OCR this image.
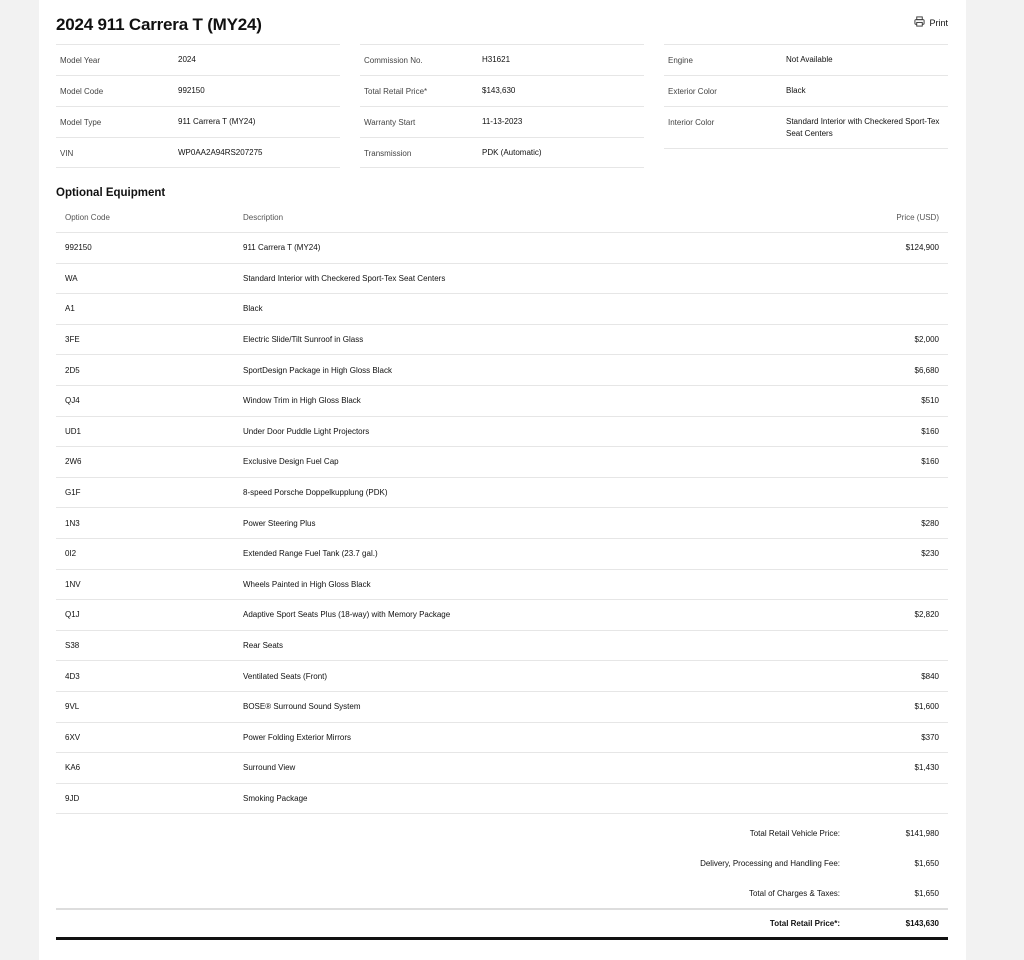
2024 911 Carrera T (MY24)	Print
Model Year	2024
Model Code	992150
Model Type	911 Carrera T (MY24)
VIN	WP0AA2A94RS207275
Commission No.	H31621
Total Retail Price*	$143,630
Warranty Start	11-13-2023
Transmission	PDK (Automatic)
Engine	Not Available
Exterior Color	Black
Interior Color	Standard Interior with Checkered Sport-Tex Seat Centers
Optional Equipment
Option Code	Description	Price (USD)
992150	911 Carrera T (MY24)	$124,900
WA	Standard Interior with Checkered Sport-Tex Seat Centers
A1	Black
3FE	Electric Slide/Tilt Sunroof in Glass	$2,000
2D5	SportDesign Package in High Gloss Black	$6,680
QJ4	Window Trim in High Gloss Black	$510
UD1	Under Door Puddle Light Projectors	$160
2W6	Exclusive Design Fuel Cap	$160
G1F	8-speed Porsche Doppelkupplung (PDK)
1N3	Power Steering Plus	$280
0I2	Extended Range Fuel Tank (23.7 gal.)	$230
1NV	Wheels Painted in High Gloss Black
Q1J	Adaptive Sport Seats Plus (18-way) with Memory Package	$2,820
S38	Rear Seats
4D3	Ventilated Seats (Front)	$840
9VL	BOSE® Surround Sound System	$1,600
6XV	Power Folding Exterior Mirrors	$370
KA6	Surround View	$1,430
9JD	Smoking Package
Total Retail Vehicle Price:	$141,980
Delivery, Processing and Handling Fee:	$1,650
Total of Charges & Taxes:	$1,650
Total Retail Price*:	$143,630
